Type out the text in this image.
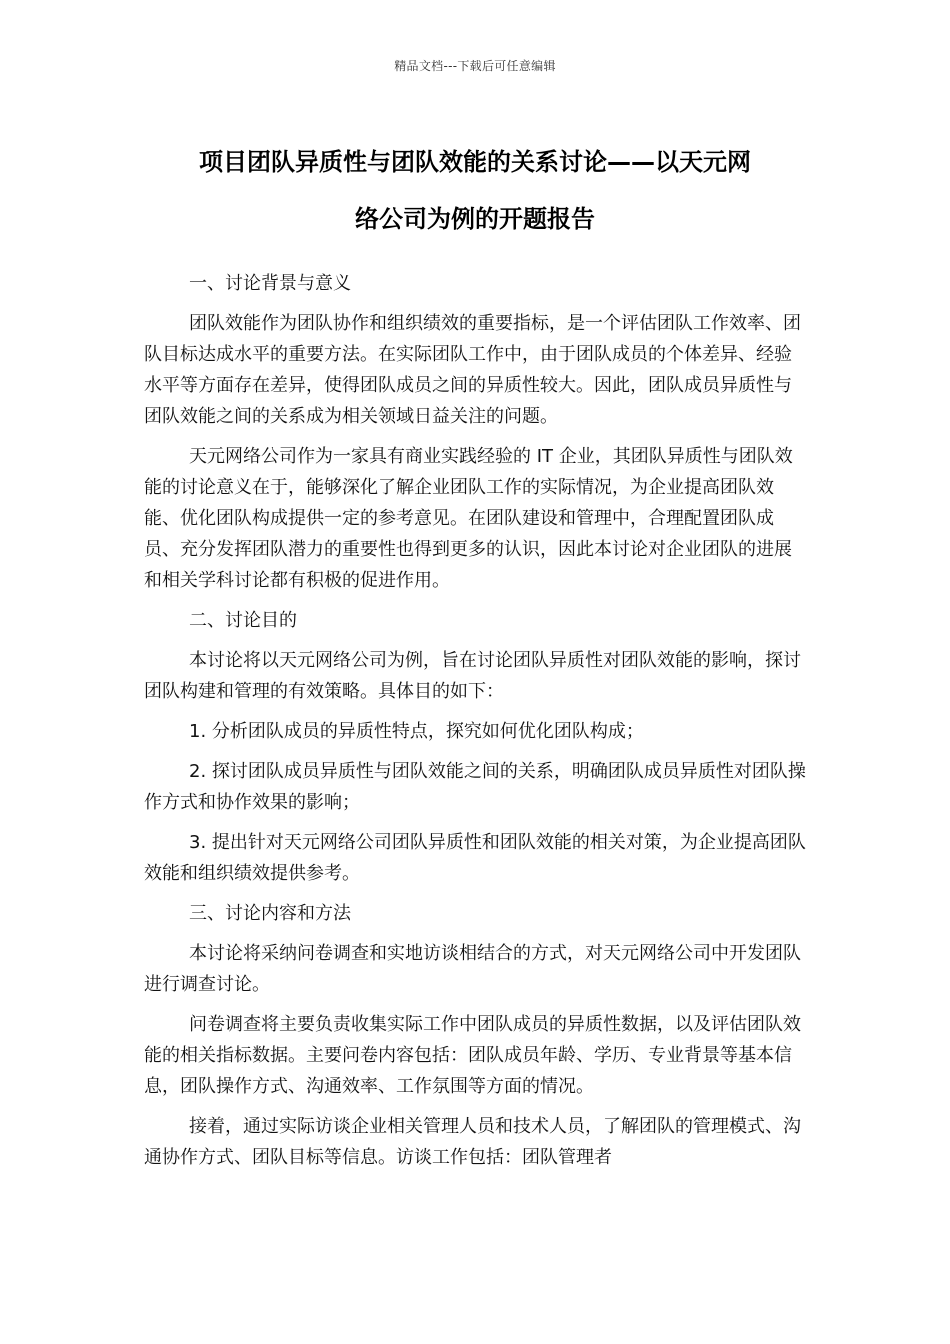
精品文档---下载后可任意编辑
项目团队异质性与团队效能的关系讨论——以天元网
络公司为例的开题报告

一、讨论背景与意义

团队效能作为团队协作和组织绩效的重要指标，是一个评估团队工作效率、团队目标达成水平的重要方法。在实际团队工作中，由于团队成员的个体差异、经验水平等方面存在差异，使得团队成员之间的异质性较大。因此，团队成员异质性与团队效能之间的关系成为相关领域日益关注的问题。

天元网络公司作为一家具有商业实践经验的 IT 企业，其团队异质性与团队效能的讨论意义在于，能够深化了解企业团队工作的实际情况，为企业提高团队效能、优化团队构成提供一定的参考意见。在团队建设和管理中，合理配置团队成员、充分发挥团队潜力的重要性也得到更多的认识，因此本讨论对企业团队的进展和相关学科讨论都有积极的促进作用。

二、讨论目的

本讨论将以天元网络公司为例，旨在讨论团队异质性对团队效能的影响，探讨团队构建和管理的有效策略。具体目的如下：

1. 分析团队成员的异质性特点，探究如何优化团队构成；

2. 探讨团队成员异质性与团队效能之间的关系，明确团队成员异质性对团队操作方式和协作效果的影响；

3. 提出针对天元网络公司团队异质性和团队效能的相关对策，为企业提高团队效能和组织绩效提供参考。

三、讨论内容和方法

本讨论将采纳问卷调查和实地访谈相结合的方式，对天元网络公司中开发团队进行调查讨论。

问卷调查将主要负责收集实际工作中团队成员的异质性数据，以及评估团队效能的相关指标数据。主要问卷内容包括：团队成员年龄、学历、专业背景等基本信息，团队操作方式、沟通效率、工作氛围等方面的情况。

接着，通过实际访谈企业相关管理人员和技术人员，了解团队的管理模式、沟通协作方式、团队目标等信息。访谈工作包括：团队管理者
